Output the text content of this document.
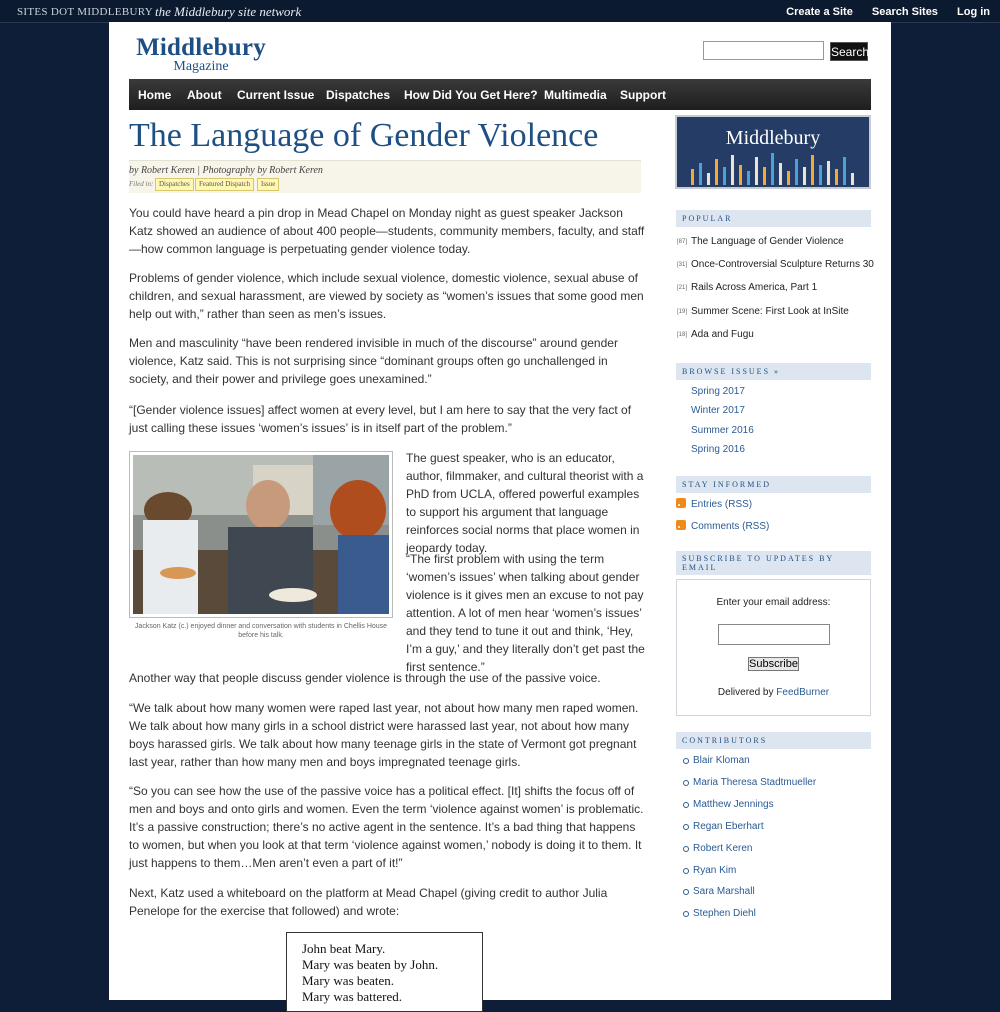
SITES DOT MIDDLEBURY the Middlebury site network	Create a Site Search Sites Log in
Middlebury
Magazine
Search
Home About Current Issue Dispatches How Did You Get Here? Multimedia Support
The Language of Gender Violence
by Robert Keren | Photography by Robert Keren
Filed in: Dispatches	Featured Dispatch	Issue

You could have heard a pin drop in Mead Chapel on Monday night as guest speaker Jackson Katz showed an audience of about 400 people—students, community members, faculty, and staff—how common language is perpetuating gender violence today.

Problems of gender violence, which include sexual violence, domestic violence, sexual abuse of children, and sexual harassment, are viewed by society as “women’s issues that some good men help out with,” rather than seen as men’s issues.

Men and masculinity “have been rendered invisible in much of the discourse” around gender violence, Katz said. This is not surprising since “dominant groups often go unchallenged in society, and their power and privilege goes unexamined.”

“[Gender violence issues] affect women at every level, but I am here to say that the very fact of just calling these issues ‘women’s issues’ is in itself part of the problem.”

Jackson Katz (c.) enjoyed dinner and conversation with students in Chellis House before his talk.

The guest speaker, who is an educator, author, filmmaker, and cultural theorist with a PhD from UCLA, offered powerful examples to support his argument that language reinforces social norms that place women in jeopardy today.

“The first problem with using the term ‘women’s issues’ when talking about gender violence is it gives men an excuse to not pay attention. A lot of men hear ‘women’s issues’ and they tend to tune it out and think, ‘Hey, I’m a guy,’ and they literally don’t get past the first sentence.”

Another way that people discuss gender violence is through the use of the passive voice.

“We talk about how many women were raped last year, not about how many men raped women. We talk about how many girls in a school district were harassed last year, not about how many boys harassed girls. We talk about how many teenage girls in the state of Vermont got pregnant last year, rather than how many men and boys impregnated teenage girls.

“So you can see how the use of the passive voice has a political effect. [It] shifts the focus off of men and boys and onto girls and women. Even the term ‘violence against women’ is problematic. It’s a passive construction; there’s no active agent in the sentence. It’s a bad thing that happens to women, but when you look at that term ‘violence against women,’ nobody is doing it to them. It just happens to them…Men aren’t even a part of it!”

Next, Katz used a whiteboard on the platform at Mead Chapel (giving credit to author Julia Penelope for the exercise that followed) and wrote:

John beat Mary.
Mary was beaten by John.
Mary was beaten.
Mary was battered.
Middlebury
POPULAR
[87] The Language of Gender Violence
[31] Once-Controversial Sculpture Returns 30
[21] Rails Across America, Part 1
[19] Summer Scene: First Look at InSite
[18] Ada and Fugu
BROWSE ISSUES »
Spring 2017
Winter 2017
Summer 2016
Spring 2016
STAY INFORMED
Entries (RSS)
Comments (RSS)
SUBSCRIBE TO UPDATES BY EMAIL
Enter your email address:
Subscribe
Delivered by FeedBurner
CONTRIBUTORS
Blair Kloman
Maria Theresa Stadtmueller
Matthew Jennings
Regan Eberhart
Robert Keren
Ryan Kim
Sara Marshall
Stephen Diehl
